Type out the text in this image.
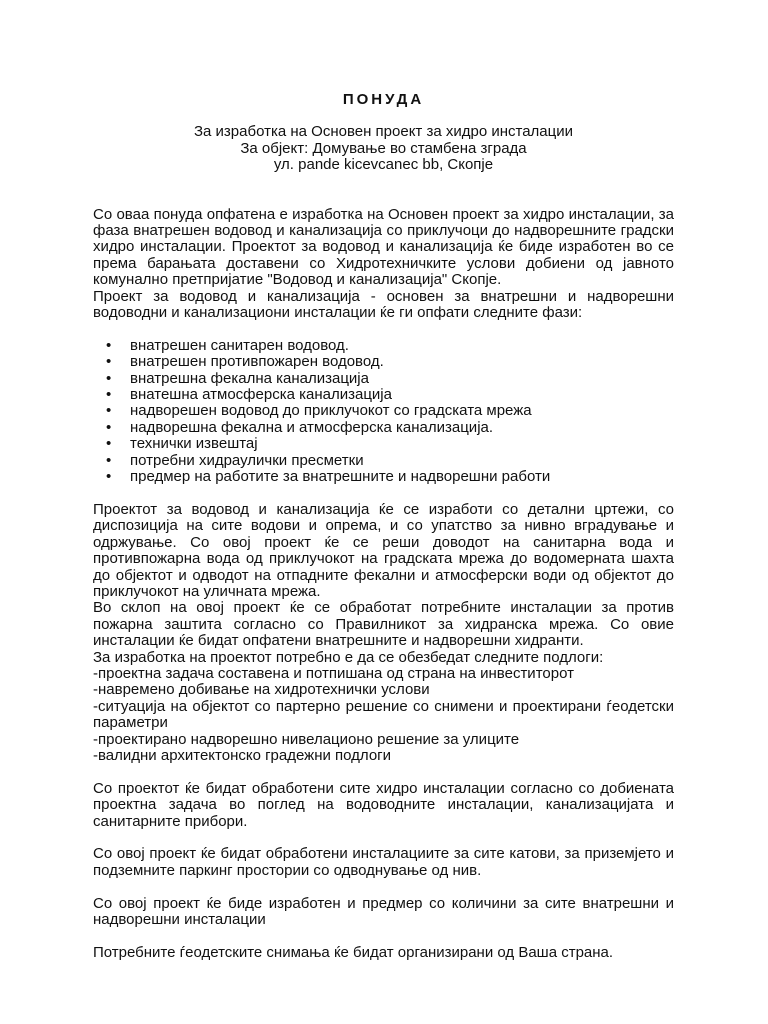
ПОНУДА

За изработка на Основен проект за хидро инсталации

За објект: Домување во стамбена зграда

ул. pande kicevcanec bb, Скопје

Со оваа понуда опфатена е изработка на Основен проект за хидро инсталации, за фаза внатрешен водовод и канализација со приклучоци до надворешните градски хидро инсталации. Проектот за водовод и канализација ќе биде изработен во се према барањата доставени со Хидротехничките услови добиени од јавното комунално претпријатие "Водовод и канализација" Скопје.

Проект за водовод и канализација - основен за внатрешни и надворешни водоводни и канализациони инсталации ќе ги опфати следните фази:

• внатрешен санитарен водовод.
• внатрешен противпожарен водовод.
• внатрешна фекална канализација
• внатешна атмосферска канализација
• надворешен водовод до приклучокот со градската мрежа
• надворешна фекална и атмосферска канализација.
• технички извештај
• потребни хидраулички пресметки
• предмер на работите за внатрешните и надворешни работи

Проектот за водовод и канализација ќе се изработи со детални цртежи, со диспозиција на сите водови и опрема, и со упатство за нивно вградување и одржување. Со овој проект ќе се реши доводот на санитарна вода и противпожарна вода од приклучокот на градската мрежа до водомерната шахта до објектот и одводот на отпадните фекални и атмосферски води од објектот до приклучокот на уличната мрежа.

Во склоп на овој проект ќе се обработат потребните инсталации за против пожарна заштита согласно со Правилникот за хидранска мрежа. Со овие инсталации ќе бидат опфатени внатрешните и надворешни хидранти.

За изработка на проектот потребно е да се обезбедат следните подлоги:

-проектна задача составена и потпишана од страна на инвеститорот

-навремено добивање на хидротехнички услови

-ситуација на објектот со партерно решение со снимени и проектирани ѓеодетски параметри

-проектирано надворешно нивелационо решение за улиците

-валидни архитектонско градежни подлоги

Со проектот ќе бидат обработени сите хидро инсталации согласно со добиената проектна задача во поглед на водоводните инсталации, канализацијата и санитарните прибори.

Со овој проект ќе бидат обработени инсталациите за сите катови, за приземјето и подземните паркинг простории со одводнување од нив.

Со овој проект ќе биде изработен и предмер со количини за сите внатрешни и надворешни инсталации

Потребните ѓеодетските снимања ќе бидат организирани од Ваша страна.
